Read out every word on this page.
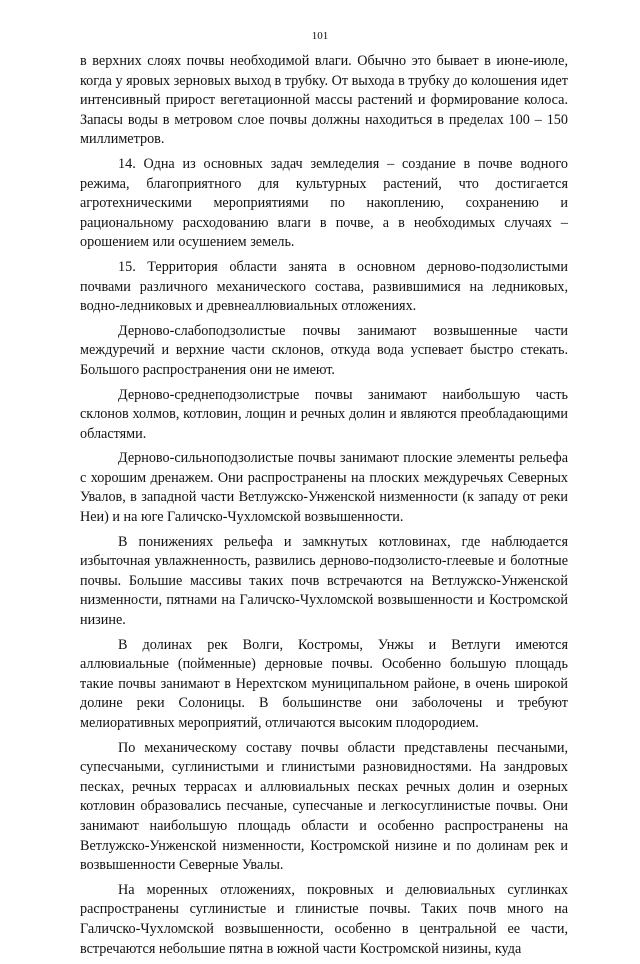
101

в верхних слоях почвы необходимой влаги. Обычно это бывает в июне-июле, когда у яровых зерновых выход в трубку. От выхода в трубку до колошения идет интенсивный прирост вегетационной массы растений и формирование колоса. Запасы воды в метровом слое почвы должны находиться в пределах 100 – 150 миллиметров.

14. Одна из основных задач земледелия – создание в почве водного режима, благоприятного для культурных растений, что достигается агротехническими мероприятиями по накоплению, сохранению и рациональному расходованию влаги в почве, а в необходимых случаях – орошением или осушением земель.

15. Территория области занята в основном дерново-подзолистыми почвами различного механического состава, развившимися на ледниковых, водно-ледниковых и древнеаллювиальных отложениях.

Дерново-слабоподзолистые почвы занимают возвышенные части междуречий и верхние части склонов, откуда вода успевает быстро стекать. Большого распространения они не имеют.

Дерново-среднеподзолистрые почвы занимают наибольшую часть склонов холмов, котловин, лощин и речных долин и являются преобладающими областями.

Дерново-сильноподзолистые почвы занимают плоские элементы рельефа с хорошим дренажем. Они распространены на плоских междуречьях Северных Увалов, в западной части Ветлужско-Унженской низменности (к западу от реки Неи) и на юге Галичско-Чухломской возвышенности.

В понижениях рельефа и замкнутых котловинах, где наблюдается избыточная увлажненность, развились дерново-подзолисто-глеевые и болотные почвы. Большие массивы таких почв встречаются на Ветлужско-Унженской низменности, пятнами на Галичско-Чухломской возвышенности и Костромской низине.

В долинах рек Волги, Костромы, Унжы и Ветлуги имеются аллювиальные (пойменные) дерновые почвы. Особенно большую площадь такие почвы занимают в Нерехтском муниципальном районе, в очень широкой долине реки Солоницы. В большинстве они заболочены и требуют мелиоративных мероприятий, отличаются высоким плодородием.

По механическому составу почвы области представлены песчаными, супесчаными, суглинистыми и глинистыми разновидностями. На зандровых песках, речных террасах и аллювиальных песках речных долин и озерных котловин образовались песчаные, супесчаные и легкосуглинистые почвы. Они занимают наибольшую площадь области и особенно распространены на Ветлужско-Унженской низменности, Костромской низине и по долинам рек и возвышенности Северные Увалы.

На моренных отложениях, покровных и делювиальных суглинках распространены суглинистые и глинистые почвы. Таких почв много на Галичско-Чухломской возвышенности, особенно в центральной ее части, встречаются небольшие пятна в южной части Костромской низины, куда
